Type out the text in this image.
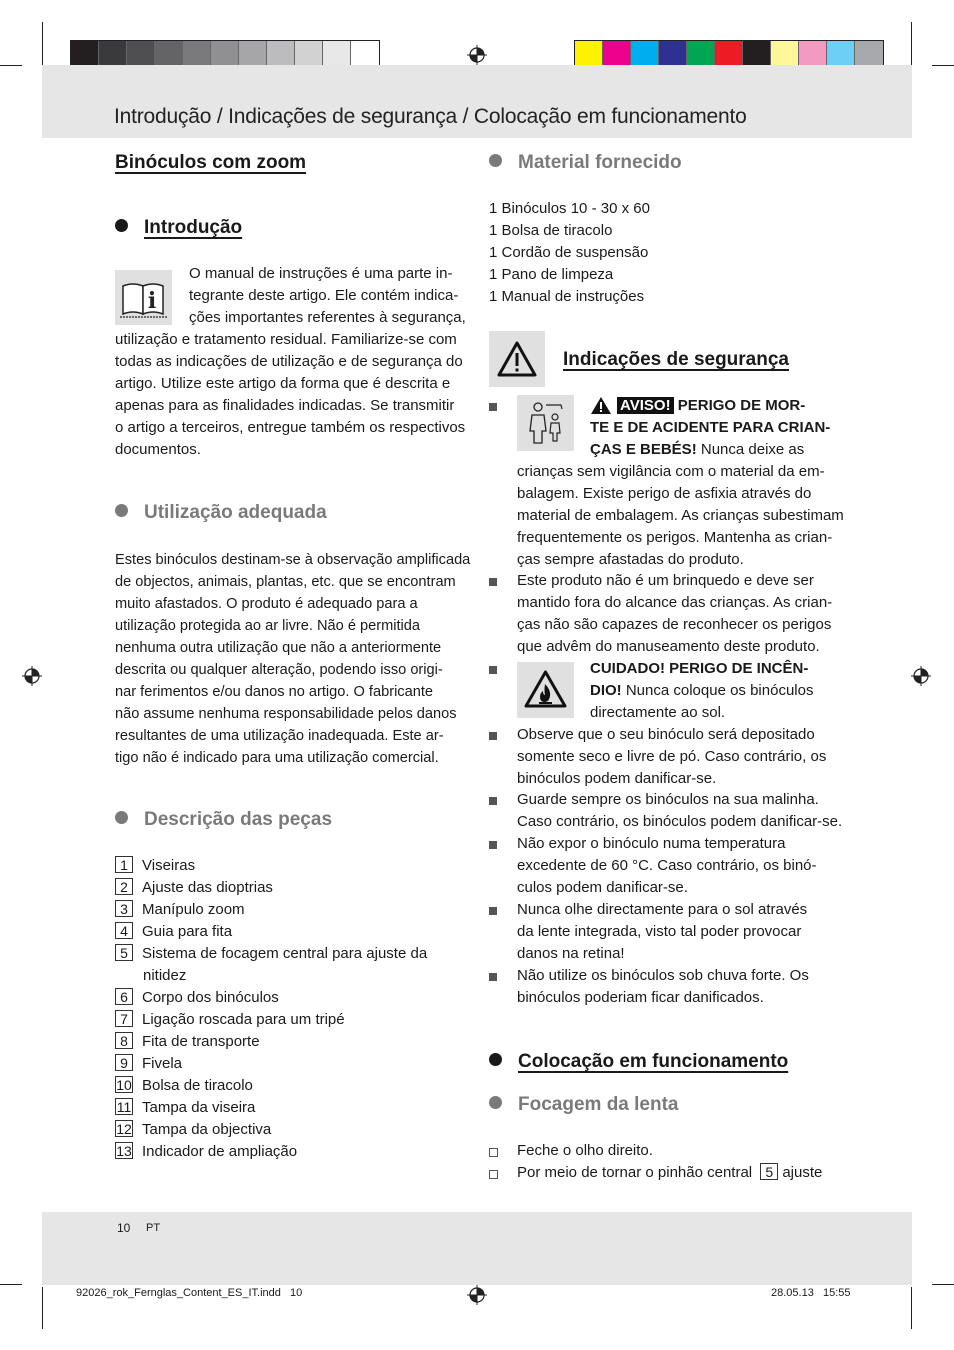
Introdução / Indicações de segurança / Colocação em funcionamento
Binóculos com zoom
Introdução
i
O manual de instruções é uma parte in-
tegrante deste artigo. Ele contém indica-
ções importantes referentes à segurança,
utilização e tratamento residual. Familiarize-se com
todas as indicações de utilização e de segurança do
artigo. Utilize este artigo da forma que é descrita e
apenas para as finalidades indicadas. Se transmitir
o artigo a terceiros, entregue também os respectivos
documentos.
Utilização adequada
Estes binóculos destinam-se à observação amplificada
de objectos, animais, plantas, etc. que se encontram
muito afastados. O produto é adequado para a
utilização protegida ao ar livre. Não é permitida
nenhuma outra utilização que não a anteriormente
descrita ou qualquer alteração, podendo isso origi-
nar ferimentos e/ou danos no artigo. O fabricante
não assume nenhuma responsabilidade pelos danos
resultantes de uma utilização inadequada. Este ar-
tigo não é indicado para uma utilização comercial.
Descrição das peças
1 Viseiras
2 Ajuste das dioptrias
3 Manípulo zoom
4 Guia para fita
5 Sistema de focagem central para ajuste da
nitidez
6 Corpo dos binóculos
7 Ligação roscada para um tripé
8 Fita de transporte
9 Fivela
10 Bolsa de tiracolo
11 Tampa da viseira
12 Tampa da objectiva
13 Indicador de ampliação
Material fornecido
1 Binóculos 10 - 30 x 60
1 Bolsa de tiracolo
1 Cordão de suspensão
1 Pano de limpeza
1 Manual de instruções
Indicações de segurança
AVISO! PERIGO DE MOR-
TE E DE ACIDENTE PARA CRIAN-
ÇAS E BEBÉS! Nunca deixe as
crianças sem vigilância com o material da em-
balagem. Existe perigo de asfixia através do
material de embalagem. As crianças subestimam
frequentemente os perigos. Mantenha as crian-
ças sempre afastadas do produto.
Este produto não é um brinquedo e deve ser
mantido fora do alcance das crianças. As crian-
ças não são capazes de reconhecer os perigos
que advêm do manuseamento deste produto.
CUIDADO! PERIGO DE INCÊN-
DIO! Nunca coloque os binóculos
directamente ao sol.
Observe que o seu binóculo será depositado
somente seco e livre de pó. Caso contrário, os
binóculos podem danificar-se.
Guarde sempre os binóculos na sua malinha.
Caso contrário, os binóculos podem danificar-se.
Não expor o binóculo numa temperatura
excedente de 60 °C. Caso contrário, os binó-
culos podem danificar-se.
Nunca olhe directamente para o sol através
da lente integrada, visto tal poder provocar
danos na retina!
Não utilize os binóculos sob chuva forte. Os
binóculos poderiam ficar danificados.
Colocação em funcionamento
Focagem da lenta
Feche o olho direito.
Por meio de tornar o pinhão central 5 ajuste
10 PT
92026_rok_Fernglas_Content_ES_IT.indd 10	28.05.13 15:55
